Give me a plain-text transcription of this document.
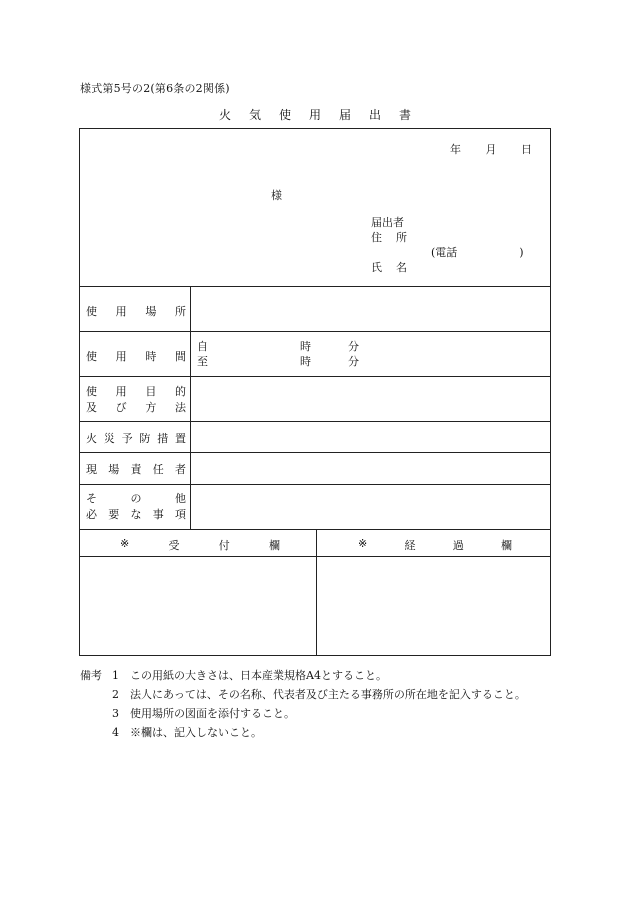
様式第5号の2(第6条の2関係)
火 気 使 用 届 出 書
年 月 日
様
届出者
住 所
(電話	)
氏 名
使 用 場 所
使 用 時 間
自	時	分
至	時	分
使 用 目 的
及 び 方 法
火 災 予 防 措 置
現 場 責 任 者
そ	の	他
必 要 な 事 項
※	受	付	欄	※	経	過	欄
備考 1	この用紙の大きさは、日本産業規格A4とすること。
2	法人にあっては、その名称、代表者及び主たる事務所の所在地を記入すること。
3	使用場所の図面を添付すること。
4	※欄は、記入しないこと。
